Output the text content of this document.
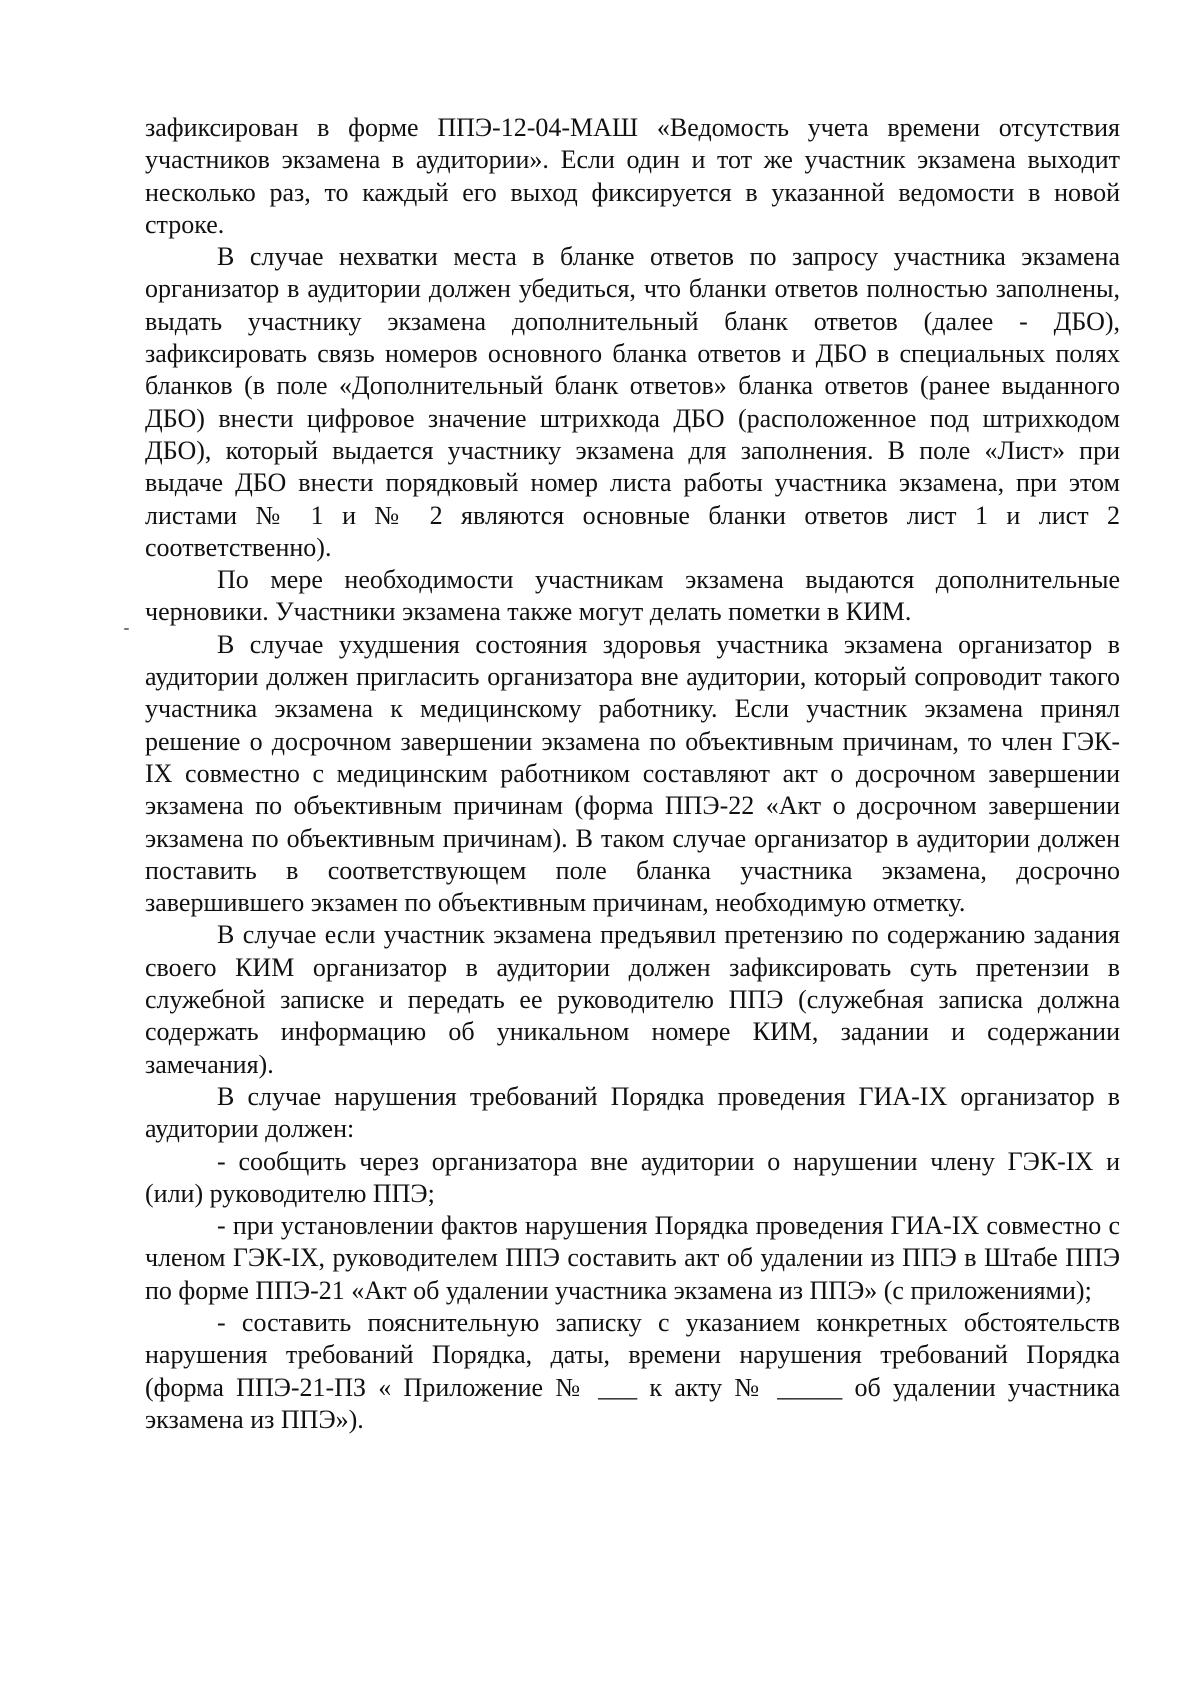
зафиксирован в форме ППЭ-12-04-МАШ «Ведомость учета времени отсутствия участников экзамена в аудитории». Если один и тот же участник экзамена выходит несколько раз, то каждый его выход фиксируется в указанной ведомости в новой строке.

В случае нехватки места в бланке ответов по запросу участника экзамена организатор в аудитории должен убедиться, что бланки ответов полностью заполнены, выдать участнику экзамена дополнительный бланк ответов (далее - ДБО), зафиксировать связь номеров основного бланка ответов и ДБО в специальных полях бланков (в поле «Дополнительный бланк ответов» бланка ответов (ранее выданного ДБО) внести цифровое значение штрихкода ДБО (расположенное под штрихкодом ДБО), который выдается участнику экзамена для заполнения. В поле «Лист» при выдаче ДБО внести порядковый номер листа работы участника экзамена, при этом листами № 1 и № 2 являются основные бланки ответов лист 1 и лист 2 соответственно).

По мере необходимости участникам экзамена выдаются дополнительные черновики. Участники экзамена также могут делать пометки в КИМ.

В случае ухудшения состояния здоровья участника экзамена организатор в аудитории должен пригласить организатора вне аудитории, который сопроводит такого участника экзамена к медицинскому работнику. Если участник экзамена принял решение о досрочном завершении экзамена по объективным причинам, то член ГЭК-IX совместно с медицинским работником составляют акт о досрочном завершении экзамена по объективным причинам (форма ППЭ-22 «Акт о досрочном завершении экзамена по объективным причинам). В таком случае организатор в аудитории должен поставить в соответствующем поле бланка участника экзамена, досрочно завершившего экзамен по объективным причинам, необходимую отметку.

В случае если участник экзамена предъявил претензию по содержанию задания своего КИМ организатор в аудитории должен зафиксировать суть претензии в служебной записке и передать ее руководителю ППЭ (служебная записка должна содержать информацию об уникальном номере КИМ, задании и содержании замечания).

В случае нарушения требований Порядка проведения ГИА-IX организатор в аудитории должен:

- сообщить через организатора вне аудитории о нарушении члену ГЭК-IX и (или) руководителю ППЭ;

- при установлении фактов нарушения Порядка проведения ГИА-IX совместно с членом ГЭК-IX, руководителем ППЭ составить акт об удалении из ППЭ в Штабе ППЭ по форме ППЭ-21 «Акт об удалении участника экзамена из ППЭ» (с приложениями);

- составить пояснительную записку с указанием конкретных обстоятельств нарушения требований Порядка, даты, времени нарушения требований Порядка (форма ППЭ-21-ПЗ « Приложение № ___ к акту № _____ об удалении участника экзамена из ППЭ»).
